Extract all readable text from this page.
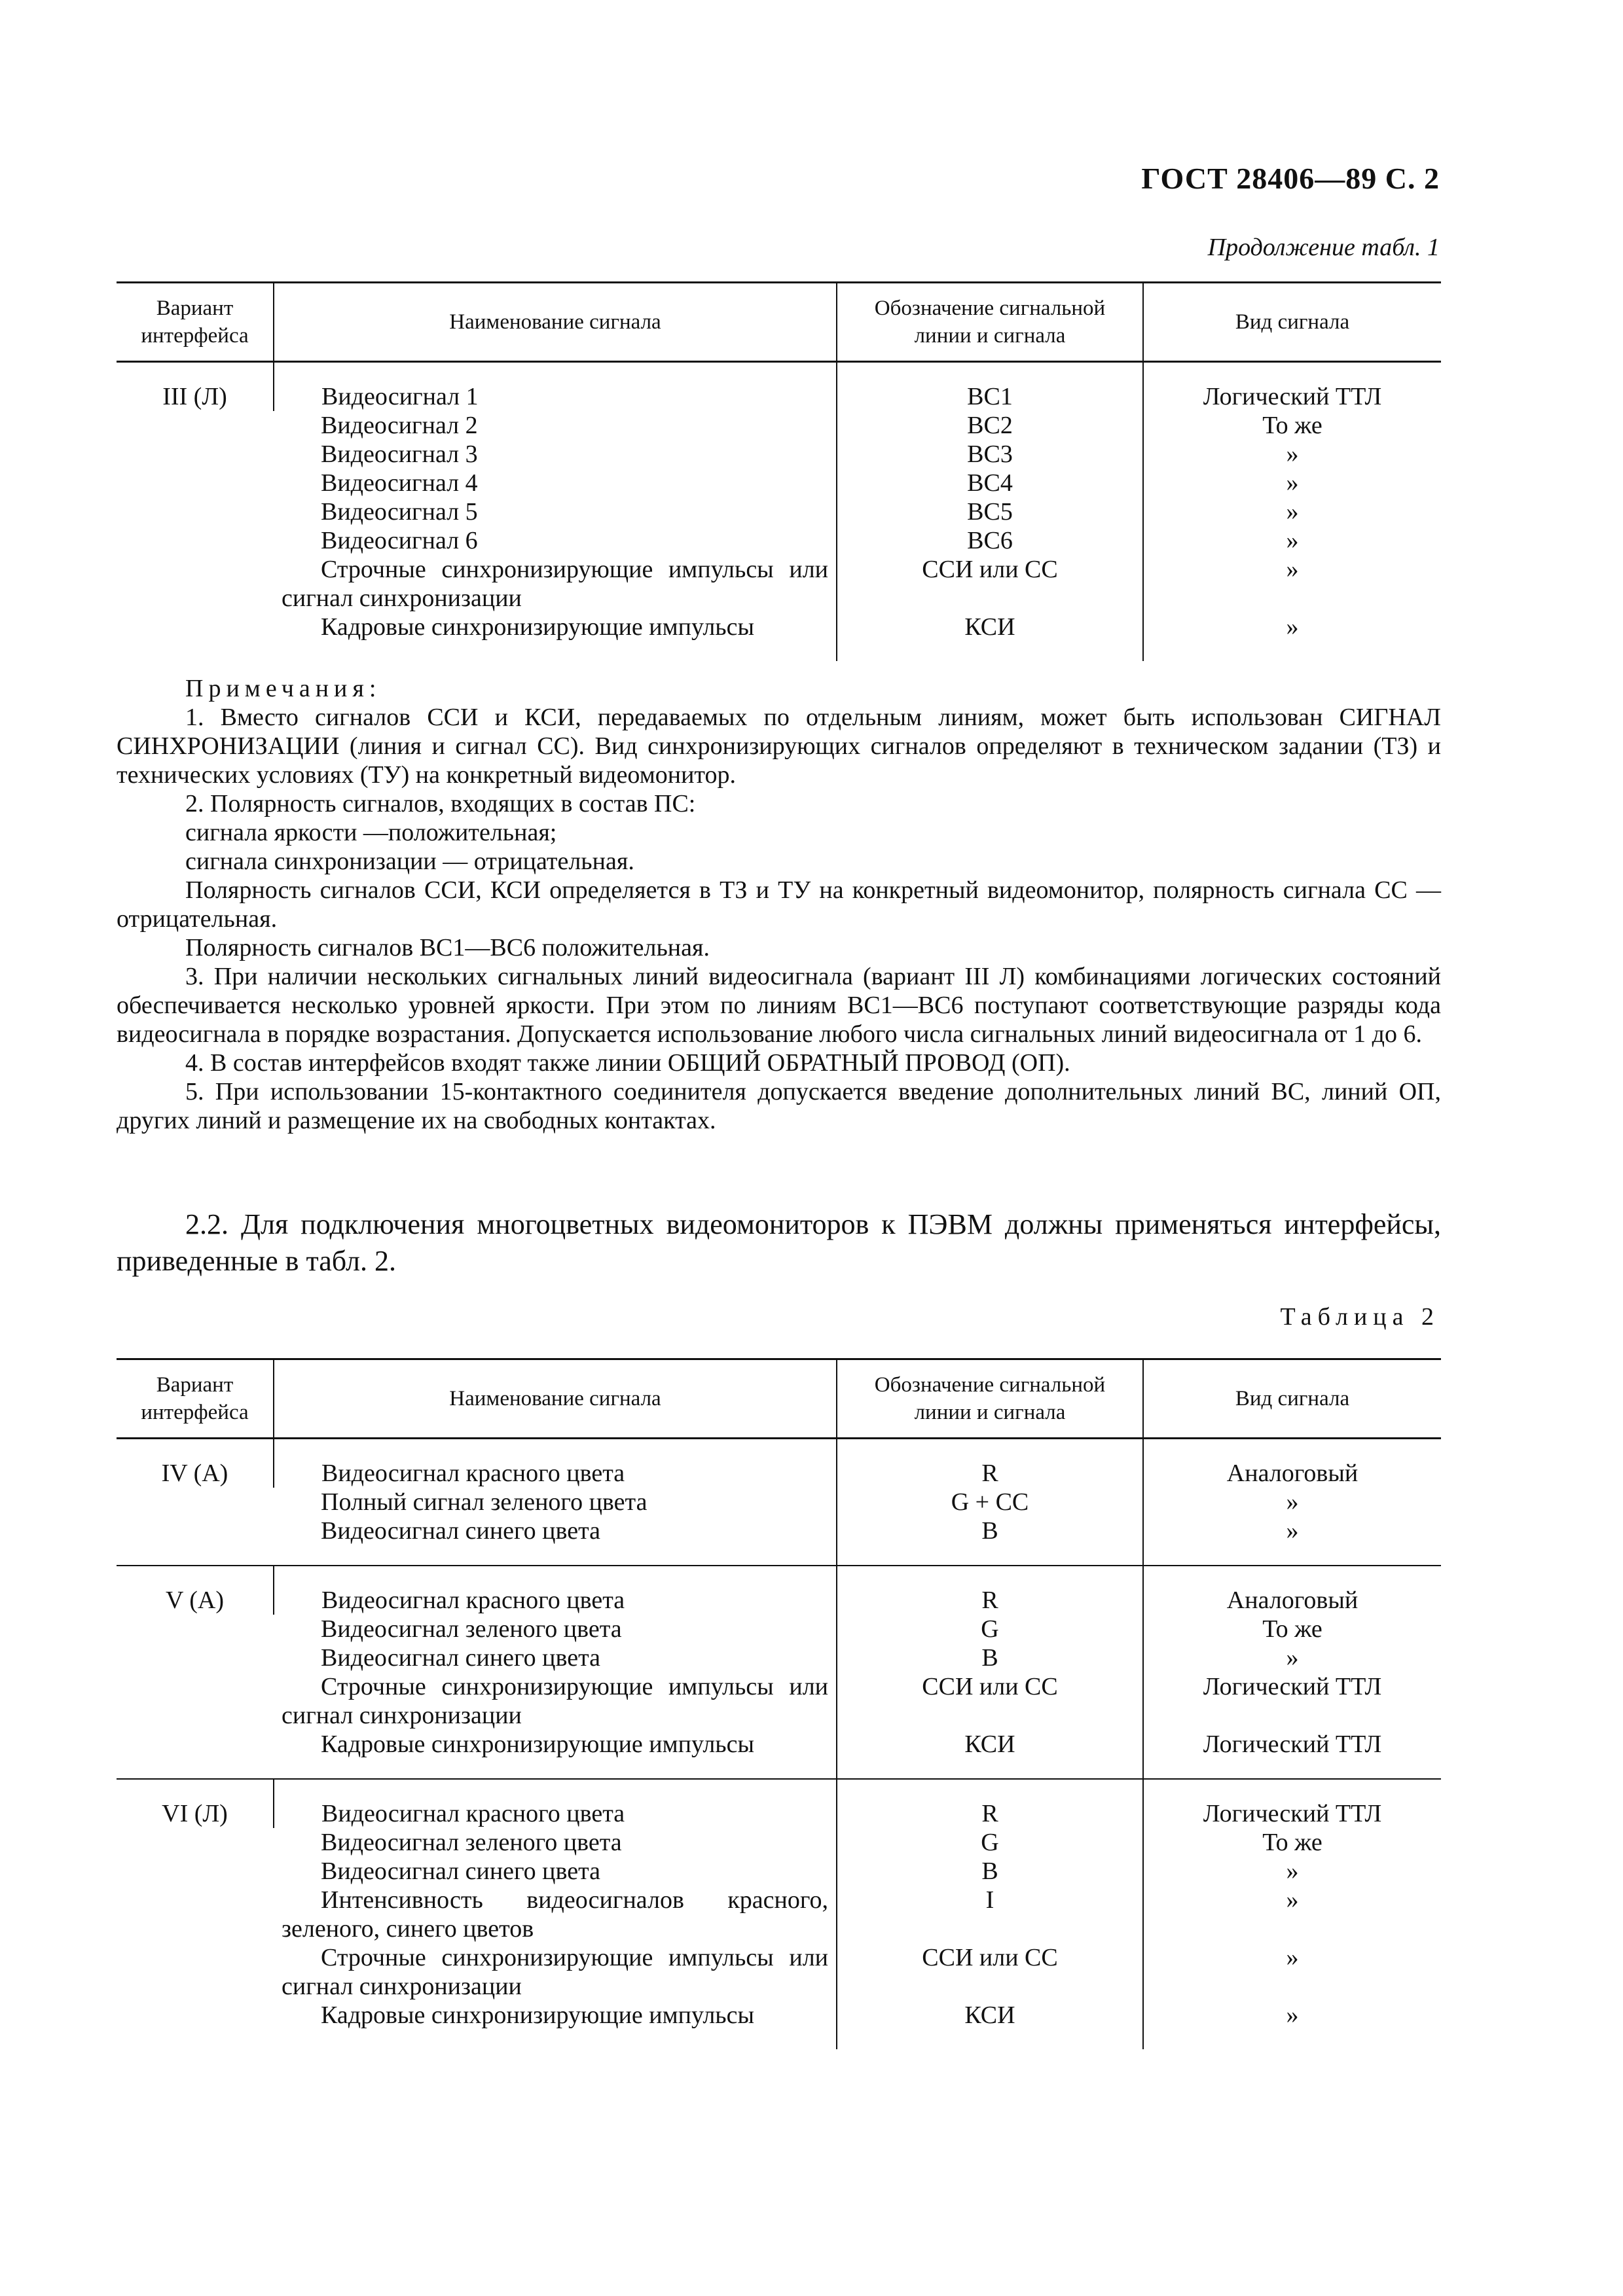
ГОСТ 28406—89 С. 2
Продолжение табл. 1
Вариант интерфейса	Наименование сигнала	Обозначение сигнальной линии и сигнала	Вид сигнала
III (Л)	Видеосигнал 1	ВС1	Логический ТТЛ

	Видеосигнал 2	ВС2	То же

	Видеосигнал 3	ВС3	»

	Видеосигнал 4	ВС4	»

	Видеосигнал 5	ВС5	»

	Видеосигнал 6	ВС6	»

	Строчные синхронизирующие импульсы или сигнал синхронизации	ССИ или СС	»

	Кадровые синхронизирующие импульсы	КСИ	»
Примечания:

1. Вместо сигналов ССИ и КСИ, передаваемых по отдельным линиям, может быть использован СИГНАЛ СИНХРОНИЗАЦИИ (линия и сигнал СС). Вид синхронизирующих сигналов определяют в техническом задании (ТЗ) и технических условиях (ТУ) на конкретный видеомонитор.

2. Полярность сигналов, входящих в состав ПС:

сигнала яркости —положительная;

сигнала синхронизации — отрицательная.

Полярность сигналов ССИ, КСИ определяется в ТЗ и ТУ на конкретный видеомонитор, полярность сигнала СС — отрицательная.

Полярность сигналов ВС1—ВС6 положительная.

3. При наличии нескольких сигнальных линий видеосигнала (вариант III Л) комбинациями логических состояний обеспечивается несколько уровней яркости. При этом по линиям ВС1—ВС6 поступают соответствующие разряды кода видеосигнала в порядке возрастания. Допускается использование любого числа сигнальных линий видеосигнала от 1 до 6.

4. В состав интерфейсов входят также линии ОБЩИЙ ОБРАТНЫЙ ПРОВОД (ОП).

5. При использовании 15-контактного соединителя допускается введение дополнительных линий ВС, линий ОП, других линий и размещение их на свободных контактах.

2.2. Для подключения многоцветных видеомониторов к ПЭВМ должны применяться интерфейсы, приведенные в табл. 2.

Таблица 2
Вариант интерфейса	Наименование сигнала	Обозначение сигнальной линии и сигнала	Вид сигнала
IV (А)	Видеосигнал красного цвета	R	Аналоговый

	Полный сигнал зеленого цвета	G + CC	»

	Видеосигнал синего цвета	B	»
V (А)	Видеосигнал красного цвета	R	Аналоговый

	Видеосигнал зеленого цвета	G	То же

	Видеосигнал синего цвета	B	»

	Строчные синхронизирующие импульсы или сигнал синхронизации	ССИ или СС	Логический ТТЛ

	Кадровые синхронизирующие импульсы	КСИ	Логический ТТЛ
VI (Л)	Видеосигнал красного цвета	R	Логический ТТЛ

	Видеосигнал зеленого цвета	G	То же

	Видеосигнал синего цвета	B	»

	Интенсивность видеосигналов красного, зеленого, синего цветов	I	»

	Строчные синхронизирующие импульсы или сигнал синхронизации	ССИ или СС	»

	Кадровые синхронизирующие импульсы	КСИ	»
